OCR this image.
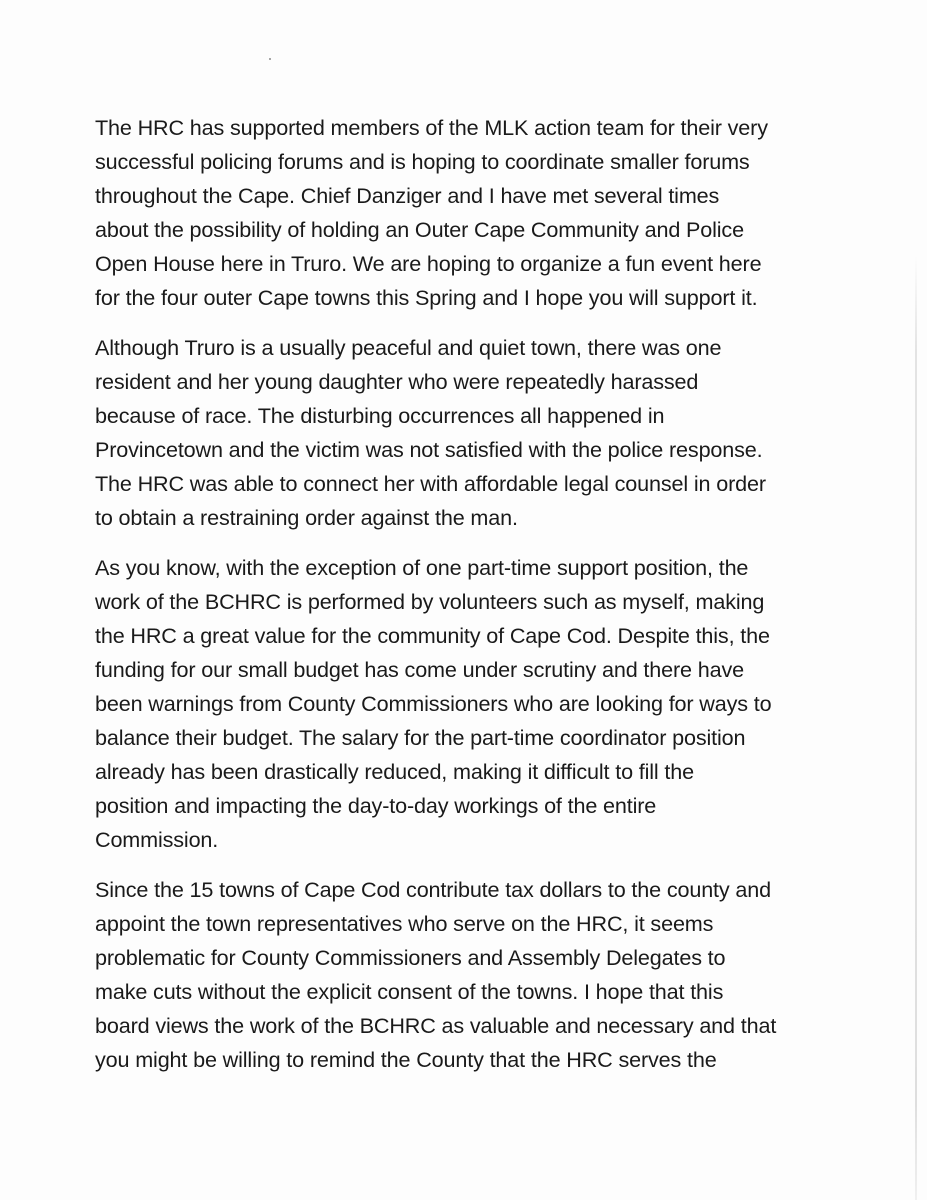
The HRC has supported members of the MLK action team for their very
successful policing forums and is hoping to coordinate smaller forums
throughout the Cape. Chief Danziger and I have met several times
about the possibility of holding an Outer Cape Community and Police
Open House here in Truro. We are hoping to organize a fun event here
for the four outer Cape towns this Spring and I hope you will support it.

Although Truro is a usually peaceful and quiet town, there was one
resident and her young daughter who were repeatedly harassed
because of race. The disturbing occurrences all happened in
Provincetown and the victim was not satisfied with the police response.
The HRC was able to connect her with affordable legal counsel in order
to obtain a restraining order against the man.

As you know, with the exception of one part-time support position, the
work of the BCHRC is performed by volunteers such as myself, making
the HRC a great value for the community of Cape Cod. Despite this, the
funding for our small budget has come under scrutiny and there have
been warnings from County Commissioners who are looking for ways to
balance their budget. The salary for the part-time coordinator position
already has been drastically reduced, making it difficult to fill the
position and impacting the day-to-day workings of the entire
Commission.

Since the 15 towns of Cape Cod contribute tax dollars to the county and
appoint the town representatives who serve on the HRC, it seems
problematic for County Commissioners and Assembly Delegates to
make cuts without the explicit consent of the towns. I hope that this
board views the work of the BCHRC as valuable and necessary and that
you might be willing to remind the County that the HRC serves the
